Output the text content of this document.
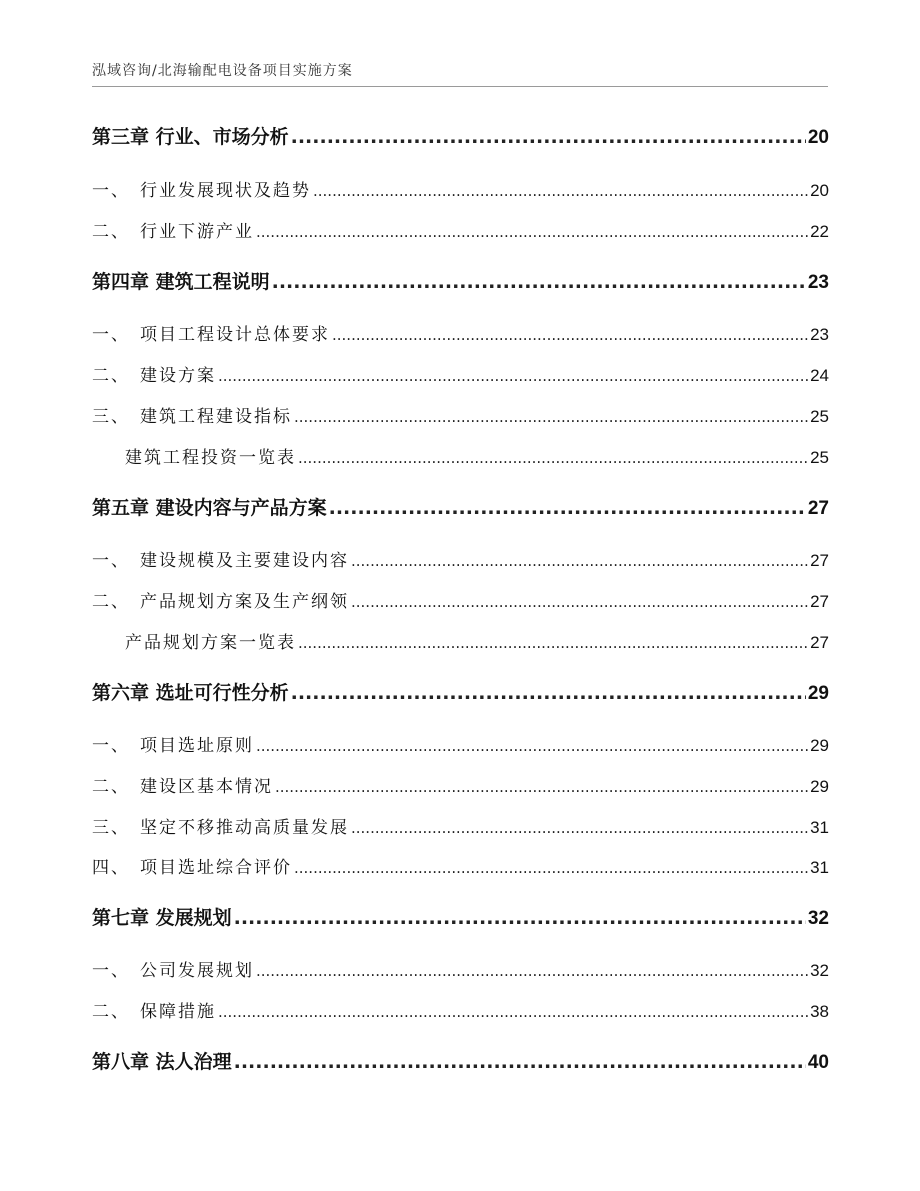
泓域咨询/北海输配电设备项目实施方案
第三章 行业、市场分析 .....	20
一、 行业发展现状及趋势 .....	20
二、 行业下游产业 .....	22
第四章 建筑工程说明 .....	23
一、 项目工程设计总体要求 .....	23
二、 建设方案 .....	24
三、 建筑工程建设指标 .....	25
建筑工程投资一览表 .....	25
第五章 建设内容与产品方案 .....	27
一、 建设规模及主要建设内容 .....	27
二、 产品规划方案及生产纲领 .....	27
产品规划方案一览表 .....	27
第六章 选址可行性分析 .....	29
一、 项目选址原则 .....	29
二、 建设区基本情况 .....	29
三、 坚定不移推动高质量发展 .....	31
四、 项目选址综合评价 .....	31
第七章 发展规划 .....	32
一、 公司发展规划 .....	32
二、 保障措施 .....	38
第八章 法人治理 .....	40
